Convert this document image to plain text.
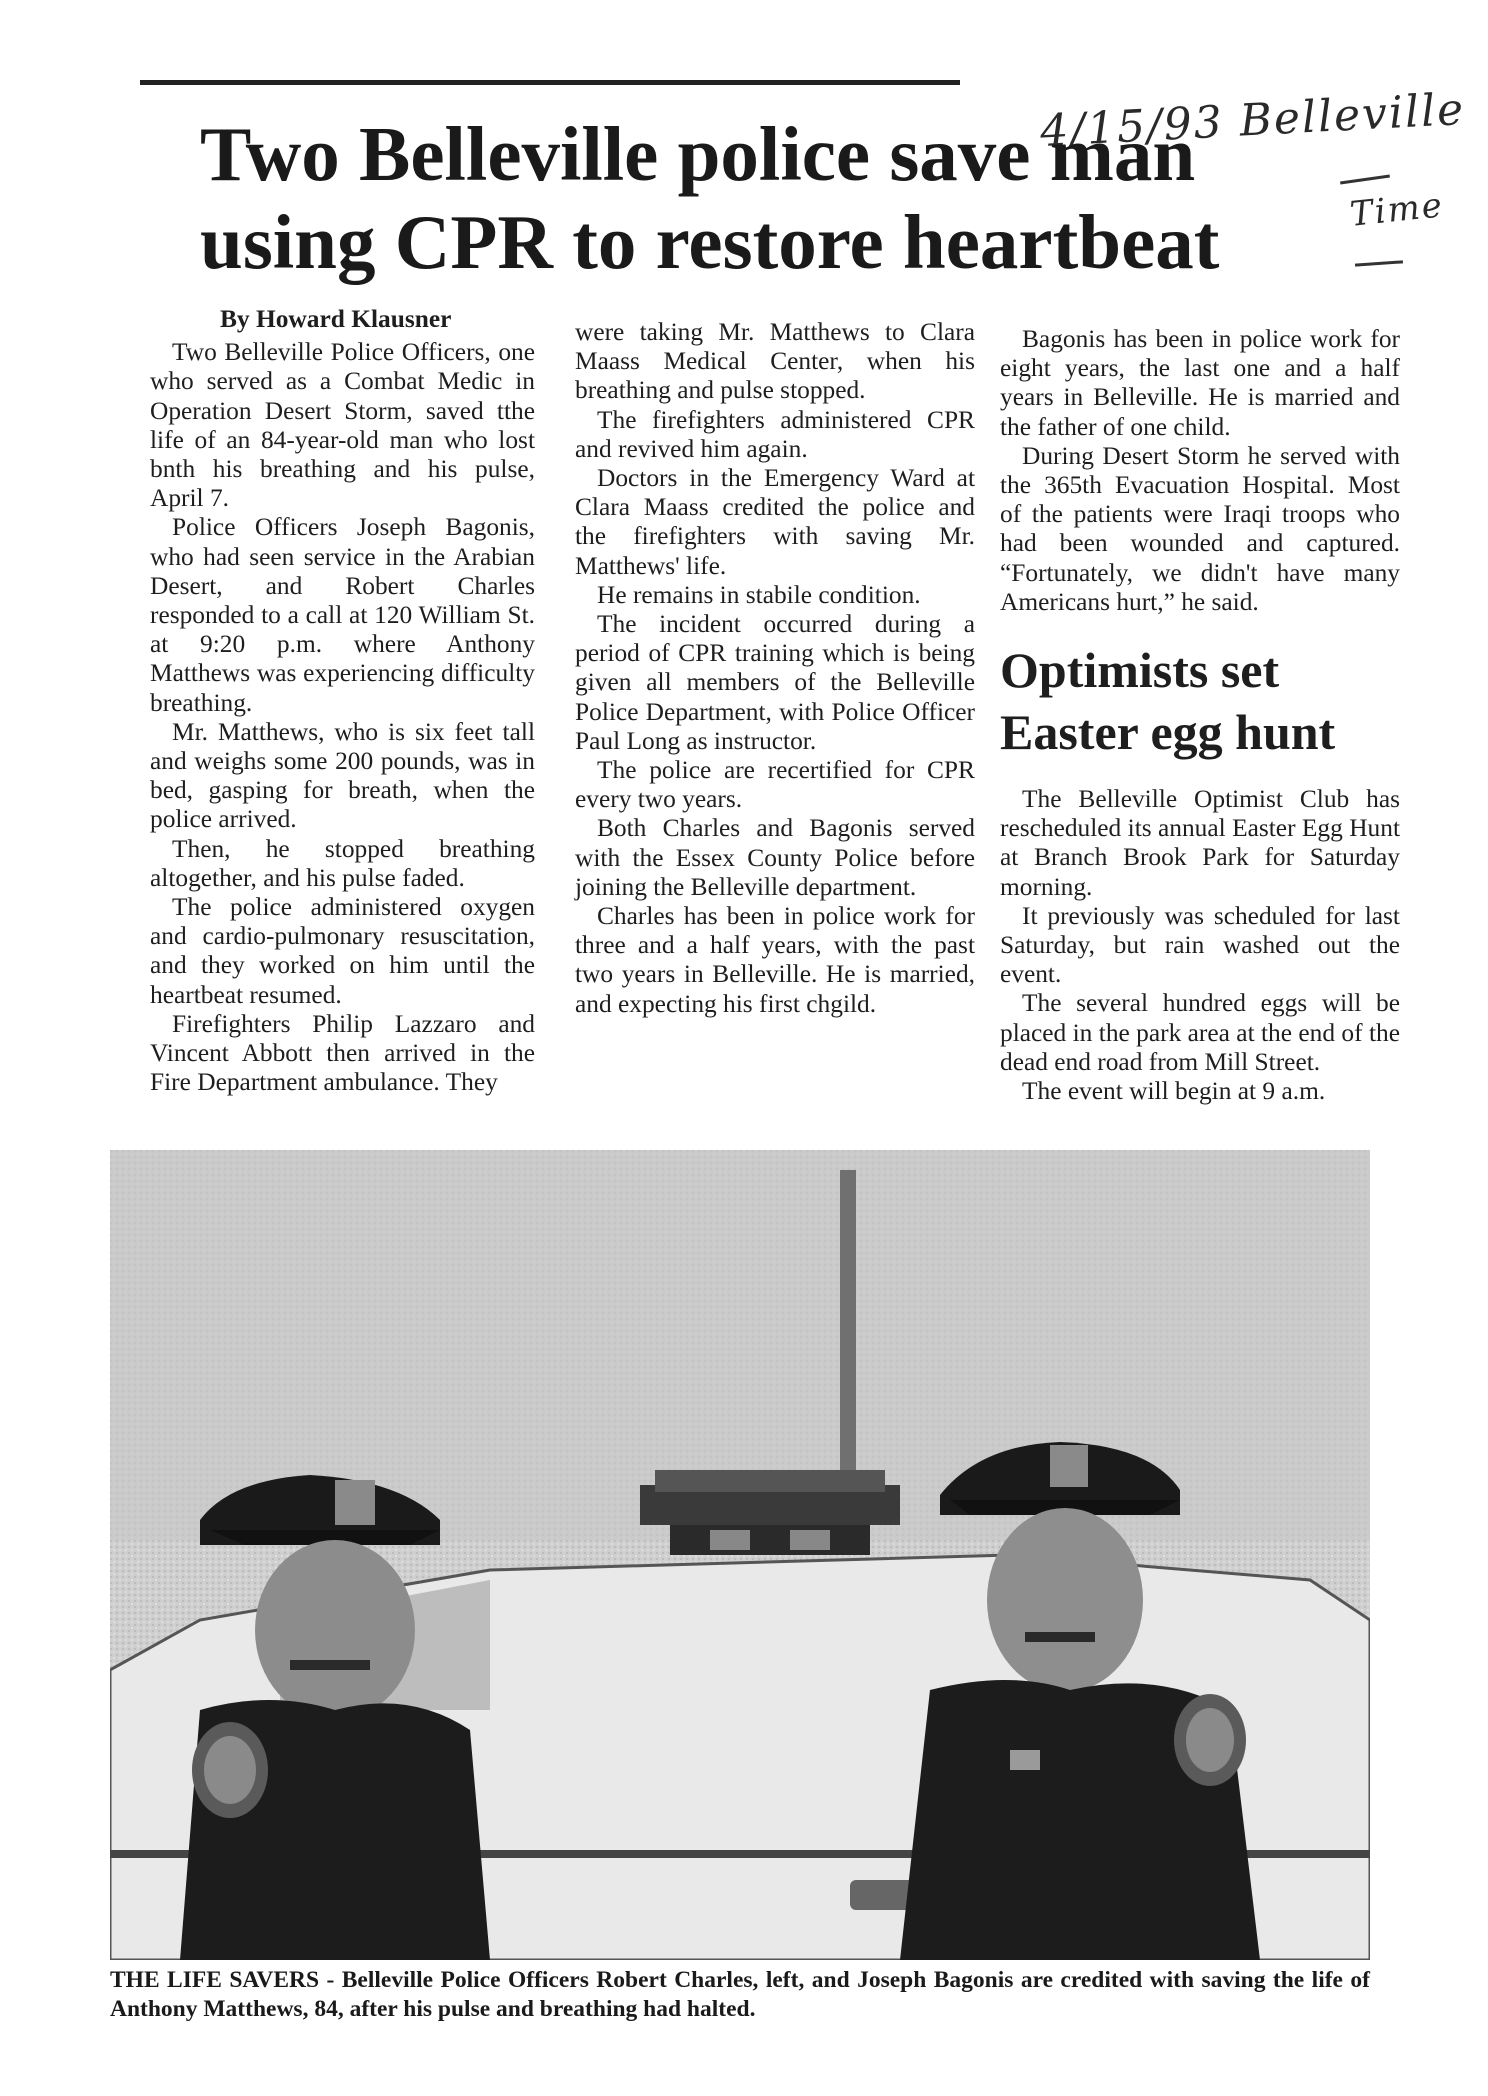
4/15/93 Belleville
Time
Two Belleville police save man using CPR to restore heartbeat

By Howard Klausner

Two Belleville Police Officers, one who served as a Combat Medic in Operation Desert Storm, saved tthe life of an 84-year-old man who lost bnth his breathing and his pulse, April 7.

Police Officers Joseph Bagonis, who had seen service in the Arabian Desert, and Robert Charles responded to a call at 120 William St. at 9:20 p.m. where Anthony Matthews was experiencing difficulty breathing.

Mr. Matthews, who is six feet tall and weighs some 200 pounds, was in bed, gasping for breath, when the police arrived.

Then, he stopped breathing altogether, and his pulse faded.

The police administered oxygen and cardio-pulmonary resuscitation, and they worked on him until the heartbeat resumed.

Firefighters Philip Lazzaro and Vincent Abbott then arrived in the Fire Department ambulance. They

were taking Mr. Matthews to Clara Maass Medical Center, when his breathing and pulse stopped.

The firefighters administered CPR and revived him again.

Doctors in the Emergency Ward at Clara Maass credited the police and the firefighters with saving Mr. Matthews' life.

He remains in stabile condition.

The incident occurred during a period of CPR training which is being given all members of the Belleville Police Department, with Police Officer Paul Long as instructor.

The police are recertified for CPR every two years.

Both Charles and Bagonis served with the Essex County Police before joining the Belleville department.

Charles has been in police work for three and a half years, with the past two years in Belleville. He is married, and expecting his first chgild.

Bagonis has been in police work for eight years, the last one and a half years in Belleville. He is married and the father of one child.

During Desert Storm he served with the 365th Evacuation Hospital. Most of the patients were Iraqi troops who had been wounded and captured. “Fortunately, we didn't have many Americans hurt,” he said.

Optimists set Easter egg hunt

The Belleville Optimist Club has rescheduled its annual Easter Egg Hunt at Branch Brook Park for Saturday morning.

It previously was scheduled for last Saturday, but rain washed out the event.

The several hundred eggs will be placed in the park area at the end of the dead end road from Mill Street.

The event will begin at 9 a.m.

THE LIFE SAVERS - Belleville Police Officers Robert Charles, left, and Joseph Bagonis are credited with saving the life of Anthony Matthews, 84, after his pulse and breathing had halted.
